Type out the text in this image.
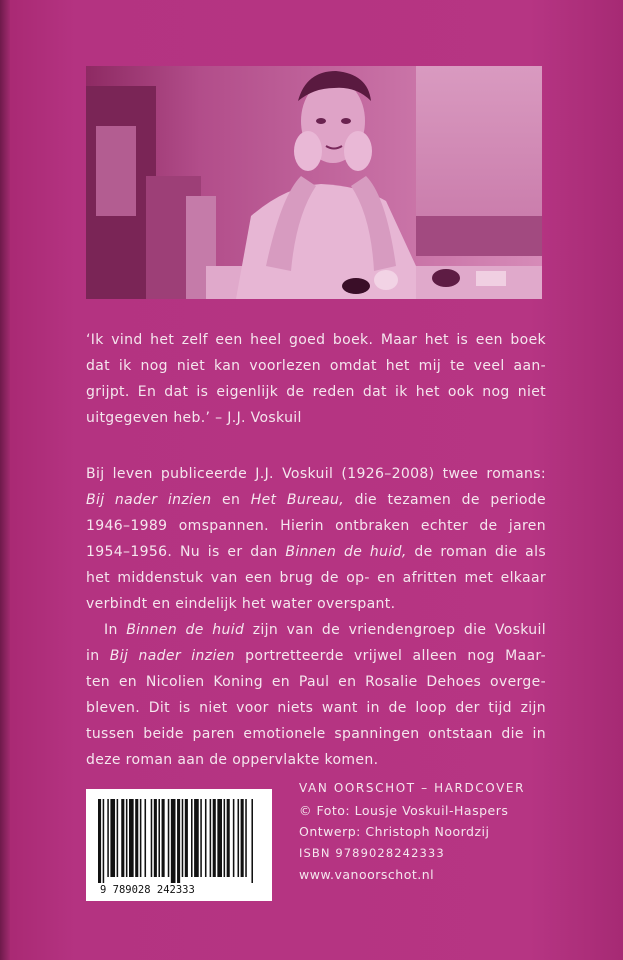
‘Ik vind het zelf een heel goed boek. Maar het is een boek
dat ik nog niet kan voorlezen omdat het mij te veel aan-
grijpt. En dat is eigenlijk de reden dat ik het ook nog niet
uitgegeven heb.’ – J.J. Voskuil

Bij leven publiceerde J.J. Voskuil (1926–2008) twee romans:
Bij nader inzien en Het Bureau, die tezamen de periode
1946–1989 omspannen. Hierin ontbraken echter de jaren
1954–1956. Nu is er dan Binnen de huid, de roman die als
het middenstuk van een brug de op- en afritten met elkaar
verbindt en eindelijk het water overspant.

In Binnen de huid zijn van de vriendengroep die Voskuil
in Bij nader inzien portretteerde vrijwel alleen nog Maar-
ten en Nicolien Koning en Paul en Rosalie Dehoes overge-
bleven. Dit is niet voor niets want in de loop der tijd zijn
tussen beide paren emotionele spanningen ontstaan die in
deze roman aan de oppervlakte komen.

9 789028 242333
VAN OORSCHOT – HARDCOVER
© Foto: Lousje Voskuil-Haspers
Ontwerp: Christoph Noordzij
ISBN 9789028242333
www.vanoorschot.nl
